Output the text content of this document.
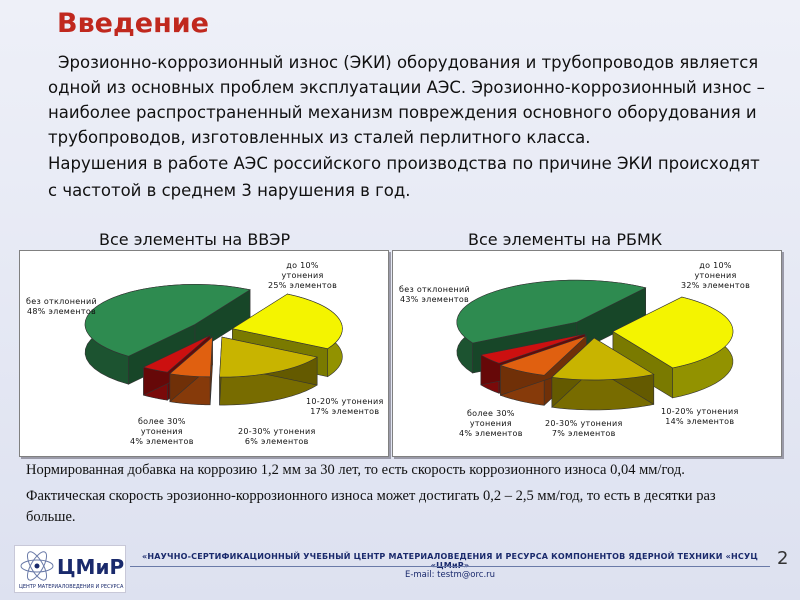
Введение

Эрозионно-коррозионный износ (ЭКИ) оборудования и трубопроводов является одной из основных проблем эксплуатации АЭС. Эрозионно-коррозионный износ – наиболее распространенный механизм повреждения основного оборудования и трубопроводов, изготовленных из сталей перлитного класса.

Нарушения в работе АЭС российского производства по причине ЭКИ происходят с частотой в среднем 3 нарушения в год.

Все элементы на ВВЭР
до 10%
утонения
25% элементов
10-20% утонения
17% элементов
20-30% утонения
6% элементов
более 30%
утонения
4% элементов
без отклонений
48% элементов
Все элементы на РБМК
до 10%
утонения
32% элементов
10-20% утонения
14% элементов
20-30% утонения
7% элементов
более 30%
утонения
4% элементов
без отклонений
43% элементов

Нормированная добавка на коррозию 1,2 мм за 30 лет, то есть скорость коррозионного износа 0,04 мм/год.

Фактическая скорость эрозионно-коррозионного износа может достигать 0,2 – 2,5 мм/год, то есть в десятки раз больше.

ЦМиР
ЦЕНТР МАТЕРИАЛОВЕДЕНИЯ И РЕСУРСА
«НАУЧНО-СЕРТИФИКАЦИОННЫЙ УЧЕБНЫЙ ЦЕНТР МАТЕРИАЛОВЕДЕНИЯ И РЕСУРСА КОМПОНЕНТОВ ЯДЕРНОЙ ТЕХНИКИ «НСУЦ
E-mail: testm@orc.ru
2
